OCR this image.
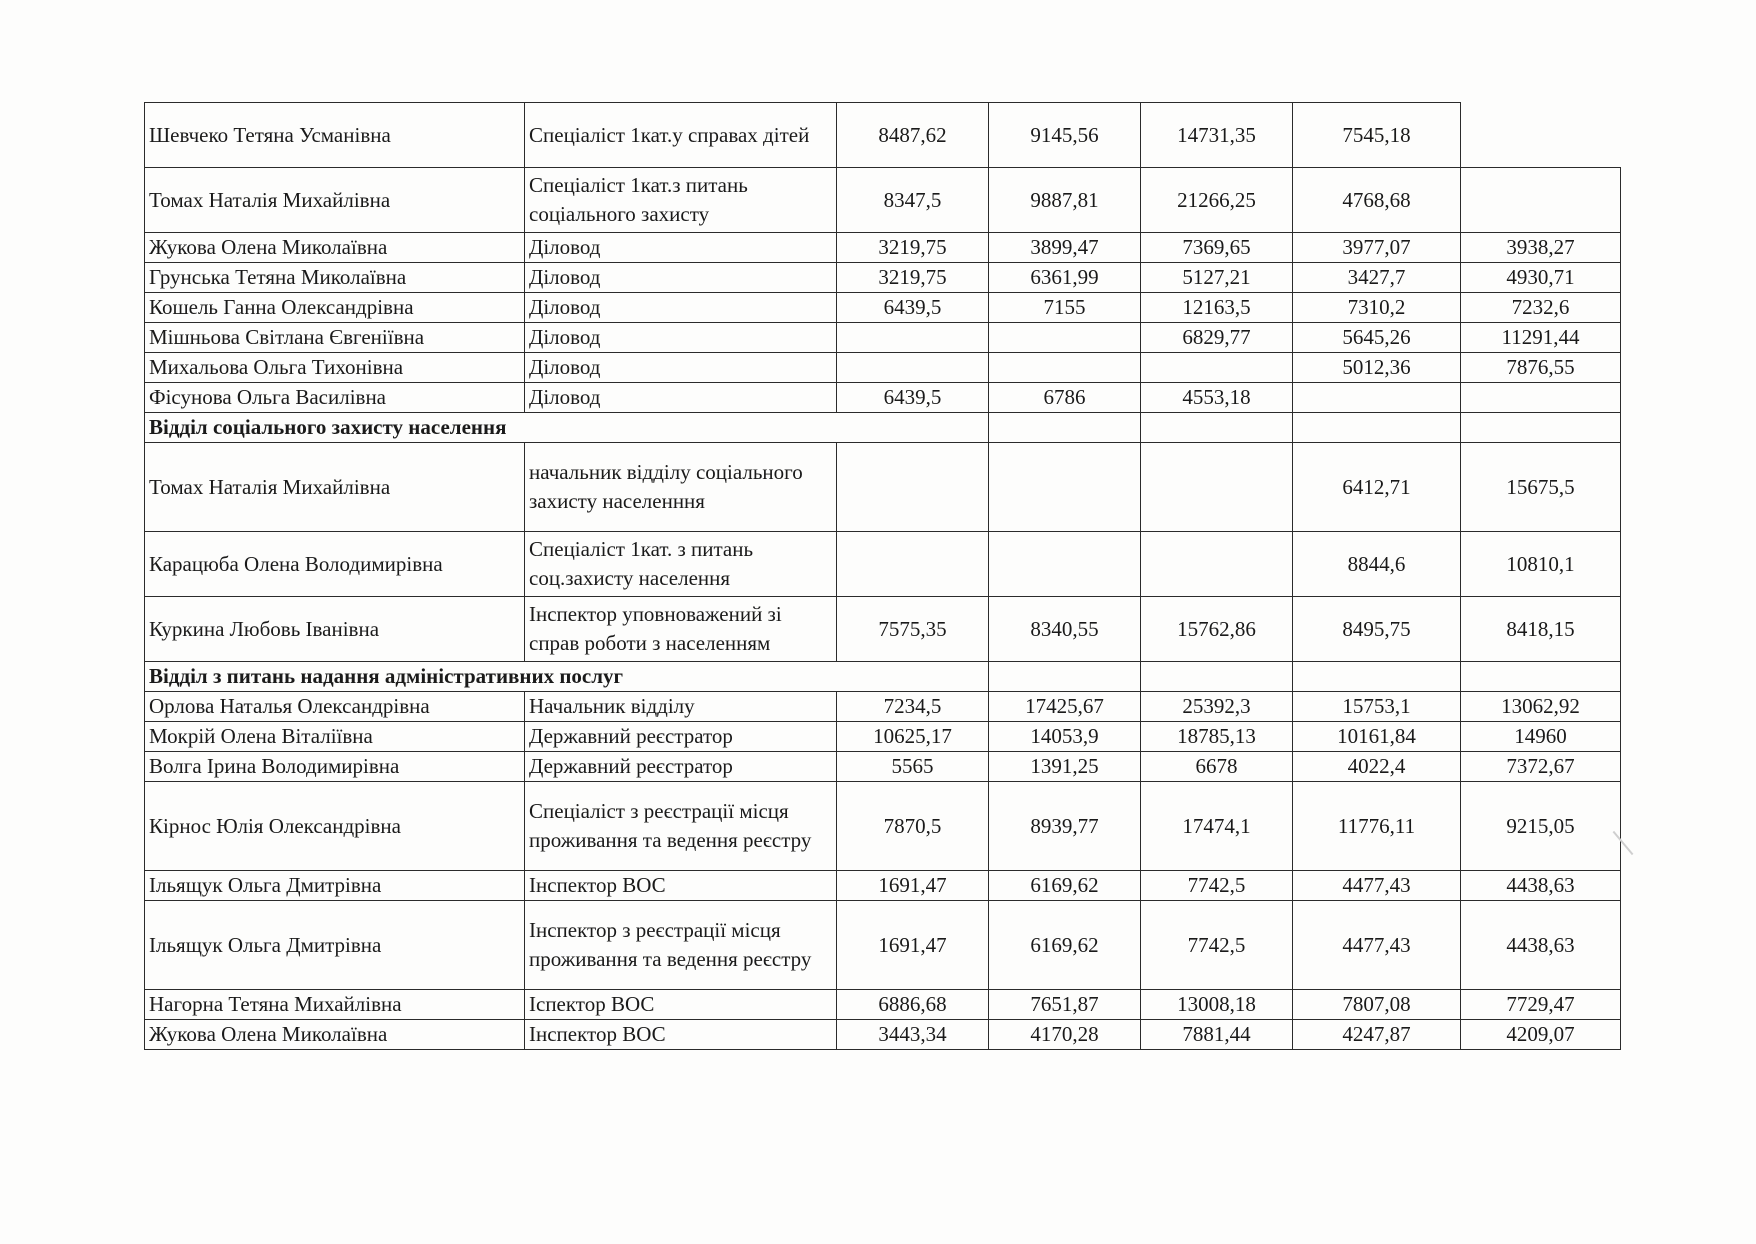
Шевчеко Тетяна Усманівна	Спеціаліст 1кат.у справах дітей	8487,62	9145,56	14731,35	7545,18	
Томах Наталія Михайлівна	Спеціаліст 1кат.з питань соціального захисту	8347,5	9887,81	21266,25	4768,68	
Жукова Олена Миколаївна	Діловод	3219,75	3899,47	7369,65	3977,07	3938,27
Грунська Тетяна Миколаївна	Діловод	3219,75	6361,99	5127,21	3427,7	4930,71
Кошель Ганна Олександрівна	Діловод	6439,5	7155	12163,5	7310,2	7232,6
Мішньова Світлана Євгеніївна	Діловод			6829,77	5645,26	11291,44
Михальова Ольга Тихонівна	Діловод				5012,36	7876,55
Фісунова Ольга Василівна	Діловод	6439,5	6786	4553,18		
Відділ соціального захисту населення						
Томах Наталія Михайлівна	начальник відділу соціального захисту населенння				6412,71	15675,5
Карацюба Олена Володимирівна	Спеціаліст 1кат. з питань соц.захисту населення				8844,6	10810,1
Куркина Любовь Іванівна	Інспектор уповноважений зі справ роботи з населенням	7575,35	8340,55	15762,86	8495,75	8418,15
Відділ з питань надання адміністративних послуг						
Орлова Наталья Олександрівна	Начальник відділу	7234,5	17425,67	25392,3	15753,1	13062,92
Мокрій Олена Віталіївна	Державний реєстратор	10625,17	14053,9	18785,13	10161,84	14960
Волга Ірина Володимирівна	Державний реєстратор	5565	1391,25	6678	4022,4	7372,67
Кірнос Юлія Олександрівна	Спеціаліст з реєстрації місця проживання та ведення реєстру	7870,5	8939,77	17474,1	11776,11	9215,05
Ільящук Ольга Дмитрівна	Інспектор ВОС	1691,47	6169,62	7742,5	4477,43	4438,63
Ільящук Ольга Дмитрівна	Інспектор з реєстрації місця проживання та ведення реєстру	1691,47	6169,62	7742,5	4477,43	4438,63
Нагорна Тетяна Михайлівна	Іспектор ВОС	6886,68	7651,87	13008,18	7807,08	7729,47
Жукова Олена Миколаївна	Інспектор ВОС	3443,34	4170,28	7881,44	4247,87	4209,07
